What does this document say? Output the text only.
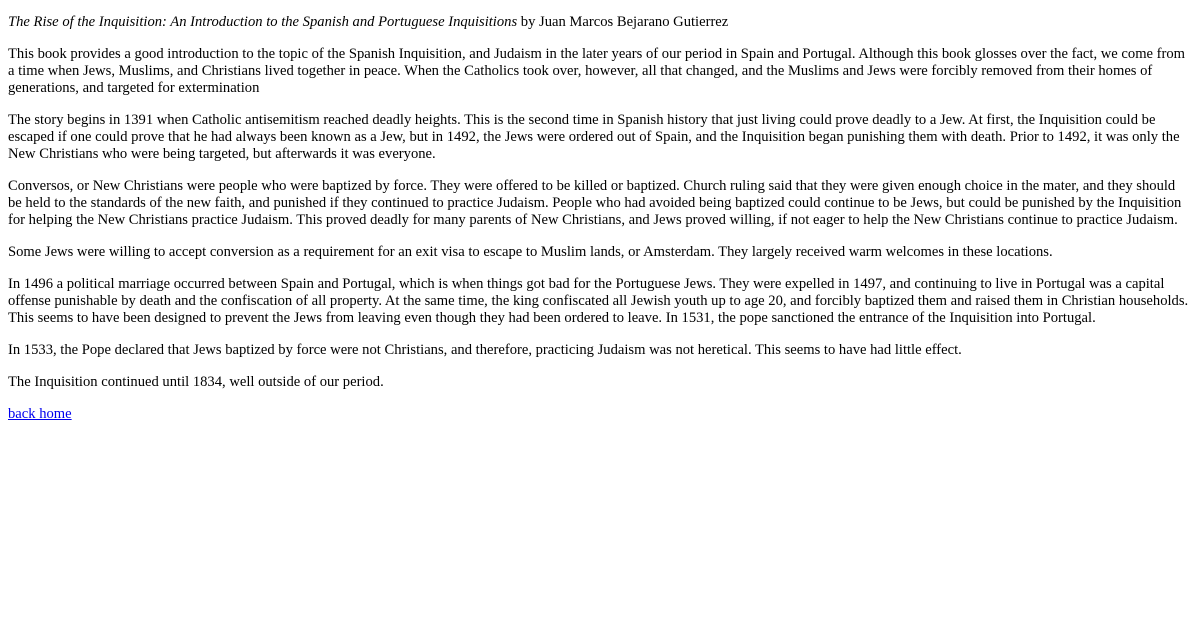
The Rise of the Inquisition: An Introduction to the Spanish and Portuguese Inquisitions by Juan Marcos Bejarano Gutierrez

This book provides a good introduction to the topic of the Spanish Inquisition, and Judaism in the later years of our period in Spain and Portugal. Although this book glosses over the fact, we come from a time when Jews, Muslims, and Christians lived together in peace. When the Catholics took over, however, all that changed, and the Muslims and Jews were forcibly removed from their homes of generations, and targeted for extermination

The story begins in 1391 when Catholic antisemitism reached deadly heights. This is the second time in Spanish history that just living could prove deadly to a Jew. At first, the Inquisition could be escaped if one could prove that he had always been known as a Jew, but in 1492, the Jews were ordered out of Spain, and the Inquisition began punishing them with death. Prior to 1492, it was only the New Christians who were being targeted, but afterwards it was everyone.

Conversos, or New Christians were people who were baptized by force. They were offered to be killed or baptized. Church ruling said that they were given enough choice in the mater, and they should be held to the standards of the new faith, and punished if they continued to practice Judaism. People who had avoided being baptized could continue to be Jews, but could be punished by the Inquisition for helping the New Christians practice Judaism. This proved deadly for many parents of New Christians, and Jews proved willing, if not eager to help the New Christians continue to practice Judaism.

Some Jews were willing to accept conversion as a requirement for an exit visa to escape to Muslim lands, or Amsterdam. They largely received warm welcomes in these locations.

In 1496 a political marriage occurred between Spain and Portugal, which is when things got bad for the Portuguese Jews. They were expelled in 1497, and continuing to live in Portugal was a capital offense punishable by death and the confiscation of all property. At the same time, the king confiscated all Jewish youth up to age 20, and forcibly baptized them and raised them in Christian households. This seems to have been designed to prevent the Jews from leaving even though they had been ordered to leave. In 1531, the pope sanctioned the entrance of the Inquisition into Portugal.

In 1533, the Pope declared that Jews baptized by force were not Christians, and therefore, practicing Judaism was not heretical. This seems to have had little effect.

The Inquisition continued until 1834, well outside of our period.

back home
